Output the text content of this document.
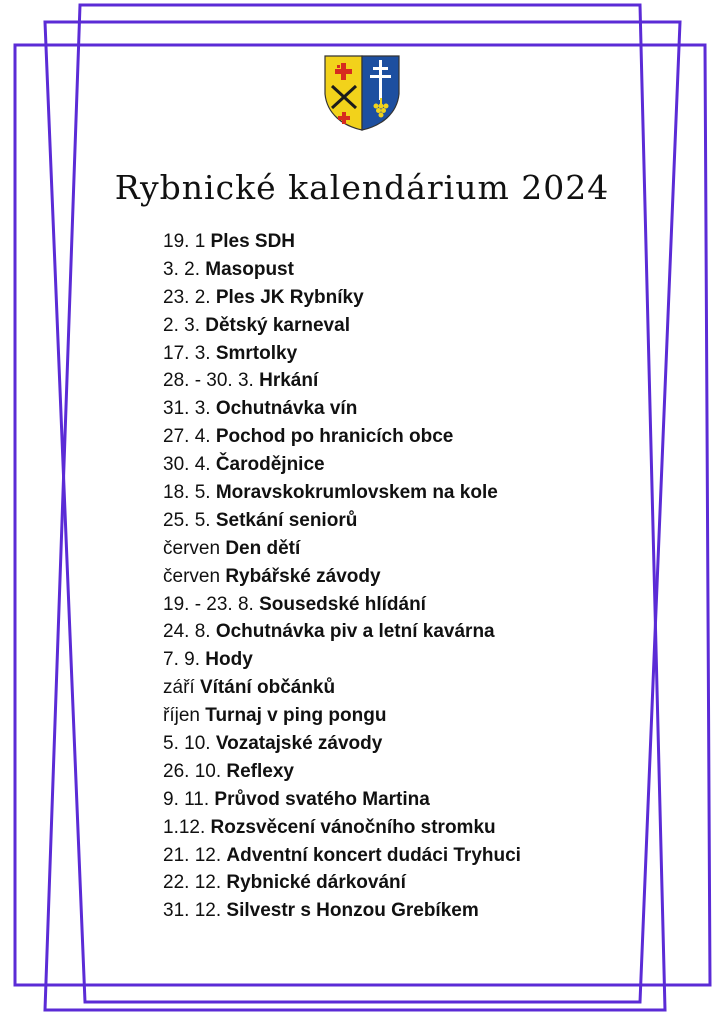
Rybnické kalendárium 2024
19. 1 Ples SDH
3. 2. Masopust
23. 2. Ples JK Rybníky
2. 3. Dětský karneval
17. 3. Smrtolky
28. - 30. 3. Hrkání
31. 3. Ochutnávka vín
27. 4. Pochod po hranicích obce
30. 4. Čarodějnice
18. 5. Moravskokrumlovskem na kole
25. 5. Setkání seniorů
červen Den dětí
červen Rybářské závody
19. - 23. 8. Sousedské hlídání
24. 8. Ochutnávka piv a letní kavárna
7. 9. Hody
září Vítání občánků
říjen Turnaj v ping pongu
5. 10. Vozatajské závody
26. 10. Reflexy
9. 11. Průvod svatého Martina
1.12. Rozsvěcení vánočního stromku
21. 12. Adventní koncert dudáci Tryhuci
22. 12. Rybnické dárkování
31. 12. Silvestr s Honzou Grebíkem
